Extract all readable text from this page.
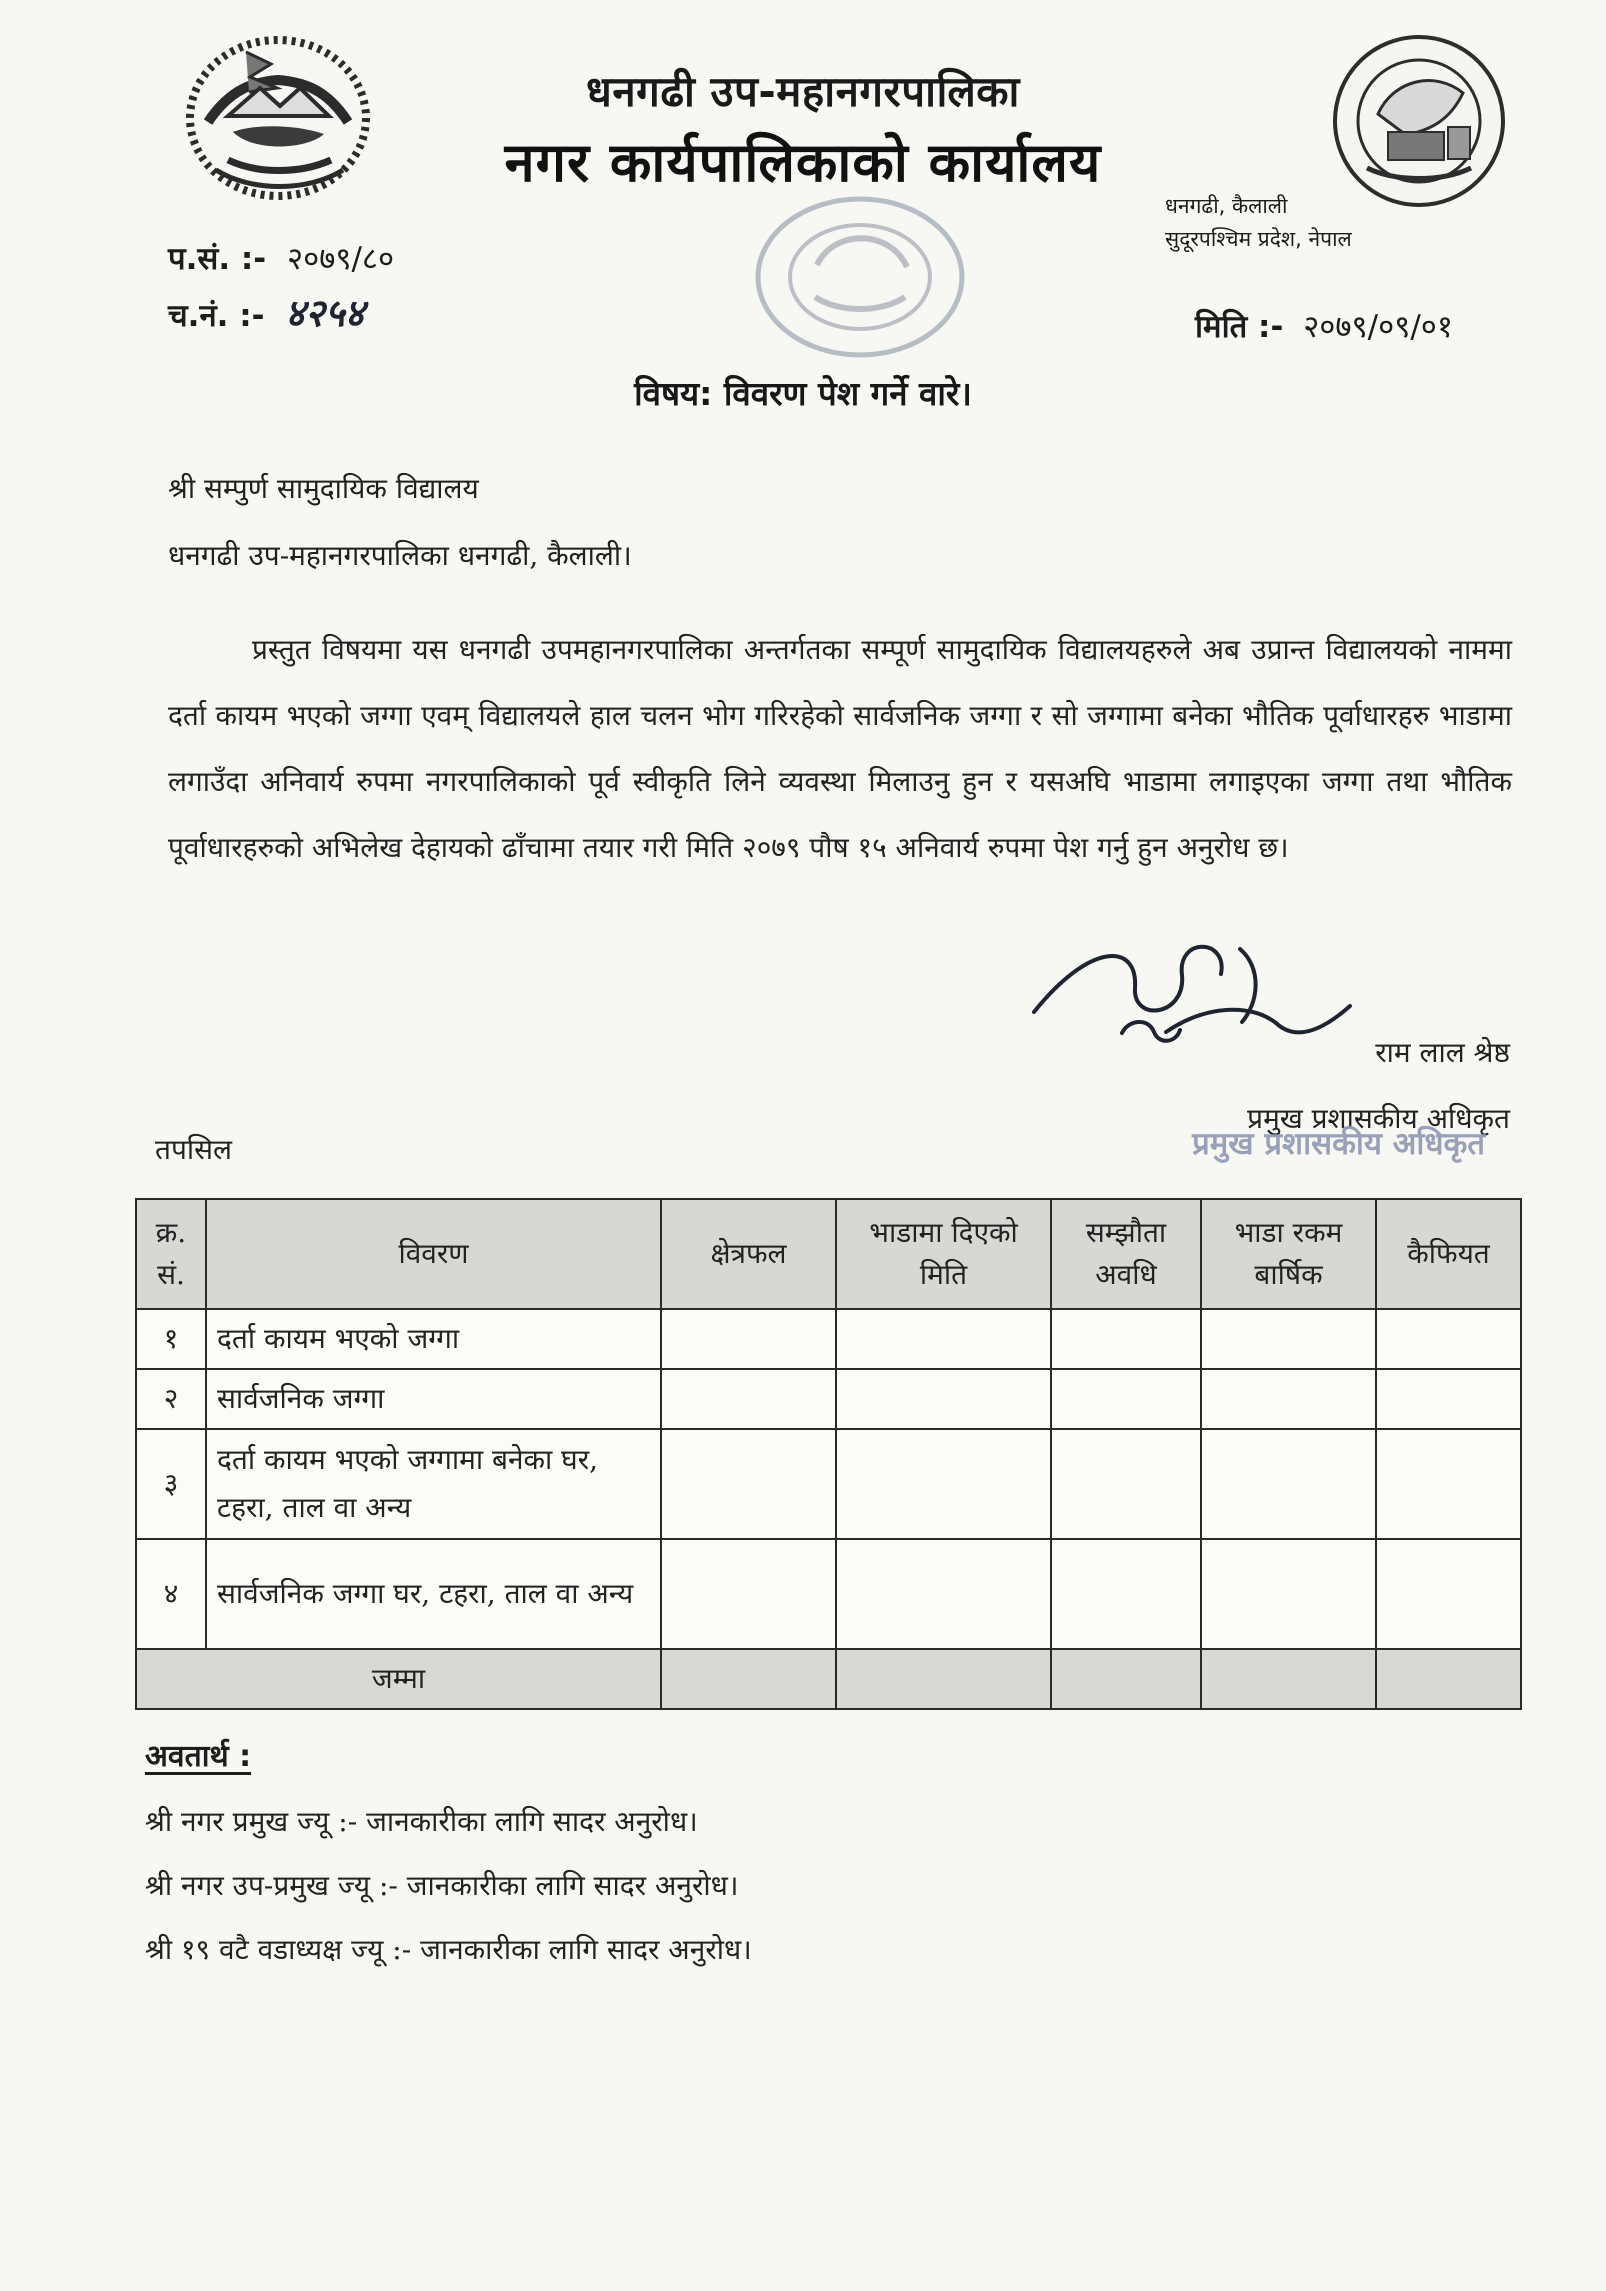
धनगढी उप-महानगरपालिका
नगर कार्यपालिकाको कार्यालय
धनगढी, कैलाली
सुदूरपश्चिम प्रदेश, नेपाल
प.सं. :- २०७९/८०
च.नं. :- ४२५४	मिति :- २०७९/०९/०१
विषय: विवरण पेश गर्ने वारे।
श्री सम्पुर्ण सामुदायिक विद्यालय
धनगढी उप-महानगरपालिका धनगढी, कैलाली।
प्रस्तुत विषयमा यस धनगढी उपमहानगरपालिका अन्तर्गतका सम्पूर्ण सामुदायिक विद्यालयहरुले अब उप्रान्त विद्यालयको नाममा दर्ता कायम भएको जग्गा एवम् विद्यालयले हाल चलन भोग गरिरहेको सार्वजनिक जग्गा र सो जग्गामा बनेका भौतिक पूर्वाधारहरु भाडामा लगाउँदा अनिवार्य रुपमा नगरपालिकाको पूर्व स्वीकृति लिने व्यवस्था मिलाउनु हुन र यसअघि भाडामा लगाइएका जग्गा तथा भौतिक पूर्वाधारहरुको अभिलेख देहायको ढाँचामा तयार गरी मिति २०७९ पौष १५ अनिवार्य रुपमा पेश गर्नु हुन अनुरोध छ।
राम लाल श्रेष्ठ
प्रमुख प्रशासकीय अधिकृत
प्रमुख प्रशासकीय अधिकृत
तपसिल
क्र. सं.	विवरण	क्षेत्रफल	भाडामा दिएको मिति	सम्झौता अवधि	भाडा रकम बार्षिक	कैफियत
१	दर्ता कायम भएको जग्गा					
२	सार्वजनिक जग्गा					
३	दर्ता कायम भएको जग्गामा बनेका घर, टहरा, ताल वा अन्य					
४	सार्वजनिक जग्गा घर, टहरा, ताल वा अन्य					
जम्मा						
अवतार्थ :
श्री नगर प्रमुख ज्यू :- जानकारीका लागि सादर अनुरोध।
श्री नगर उप-प्रमुख ज्यू :- जानकारीका लागि सादर अनुरोध।
श्री १९ वटै वडाध्यक्ष ज्यू :- जानकारीका लागि सादर अनुरोध।
